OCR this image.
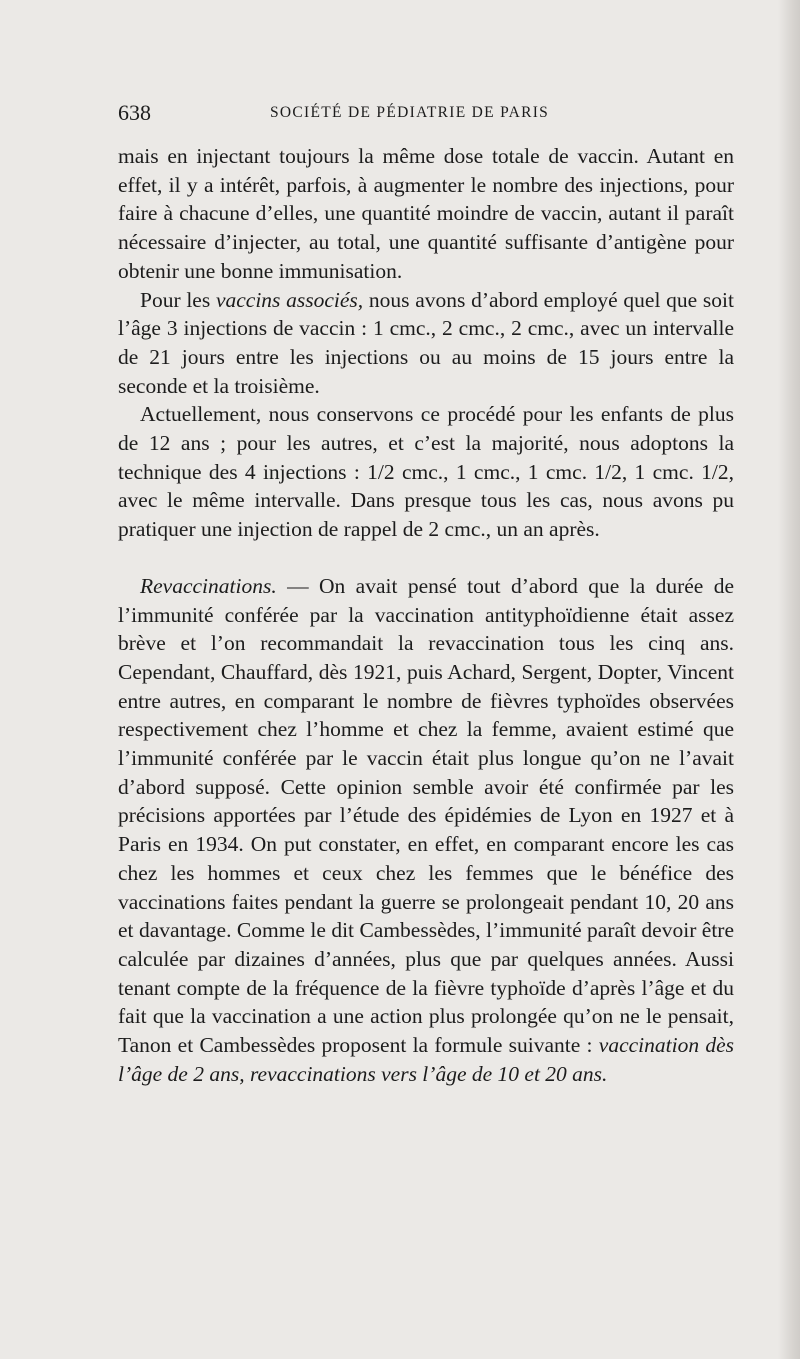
638	SOCIÉTÉ DE PÉDIATRIE DE PARIS

mais en injectant toujours la même dose totale de vaccin. Autant en effet, il y a intérêt, parfois, à augmenter le nombre des injections, pour faire à chacune d’elles, une quantité moindre de vaccin, autant il paraît nécessaire d’injecter, au total, une quantité suffisante d’antigène pour obtenir une bonne immunisation.

Pour les vaccins associés, nous avons d’abord employé quel que soit l’âge 3 injections de vaccin : 1 cmc., 2 cmc., 2 cmc., avec un intervalle de 21 jours entre les injections ou au moins de 15 jours entre la seconde et la troisième.

Actuellement, nous conservons ce procédé pour les enfants de plus de 12 ans ; pour les autres, et c’est la majorité, nous adoptons la technique des 4 injections : 1/2 cmc., 1 cmc., 1 cmc. 1/2, 1 cmc. 1/2, avec le même intervalle. Dans presque tous les cas, nous avons pu pratiquer une injection de rappel de 2 cmc., un an après.

Revaccinations. — On avait pensé tout d’abord que la durée de l’immunité conférée par la vaccination antityphoïdienne était assez brève et l’on recommandait la revaccination tous les cinq ans. Cependant, Chauffard, dès 1921, puis Achard, Sergent, Dopter, Vincent entre autres, en comparant le nombre de fièvres typhoïdes observées respectivement chez l’homme et chez la femme, avaient estimé que l’immunité conférée par le vaccin était plus longue qu’on ne l’avait d’abord supposé. Cette opinion semble avoir été confirmée par les précisions apportées par l’étude des épidémies de Lyon en 1927 et à Paris en 1934. On put constater, en effet, en comparant encore les cas chez les hommes et ceux chez les femmes que le bénéfice des vaccinations faites pendant la guerre se prolongeait pendant 10, 20 ans et davantage. Comme le dit Cambessèdes, l’immunité paraît devoir être calculée par dizaines d’années, plus que par quelques années. Aussi tenant compte de la fréquence de la fièvre typhoïde d’après l’âge et du fait que la vaccination a une action plus prolongée qu’on ne le pensait, Tanon et Cambessèdes proposent la formule suivante : vaccination dès l’âge de 2 ans, revaccinations vers l’âge de 10 et 20 ans.
